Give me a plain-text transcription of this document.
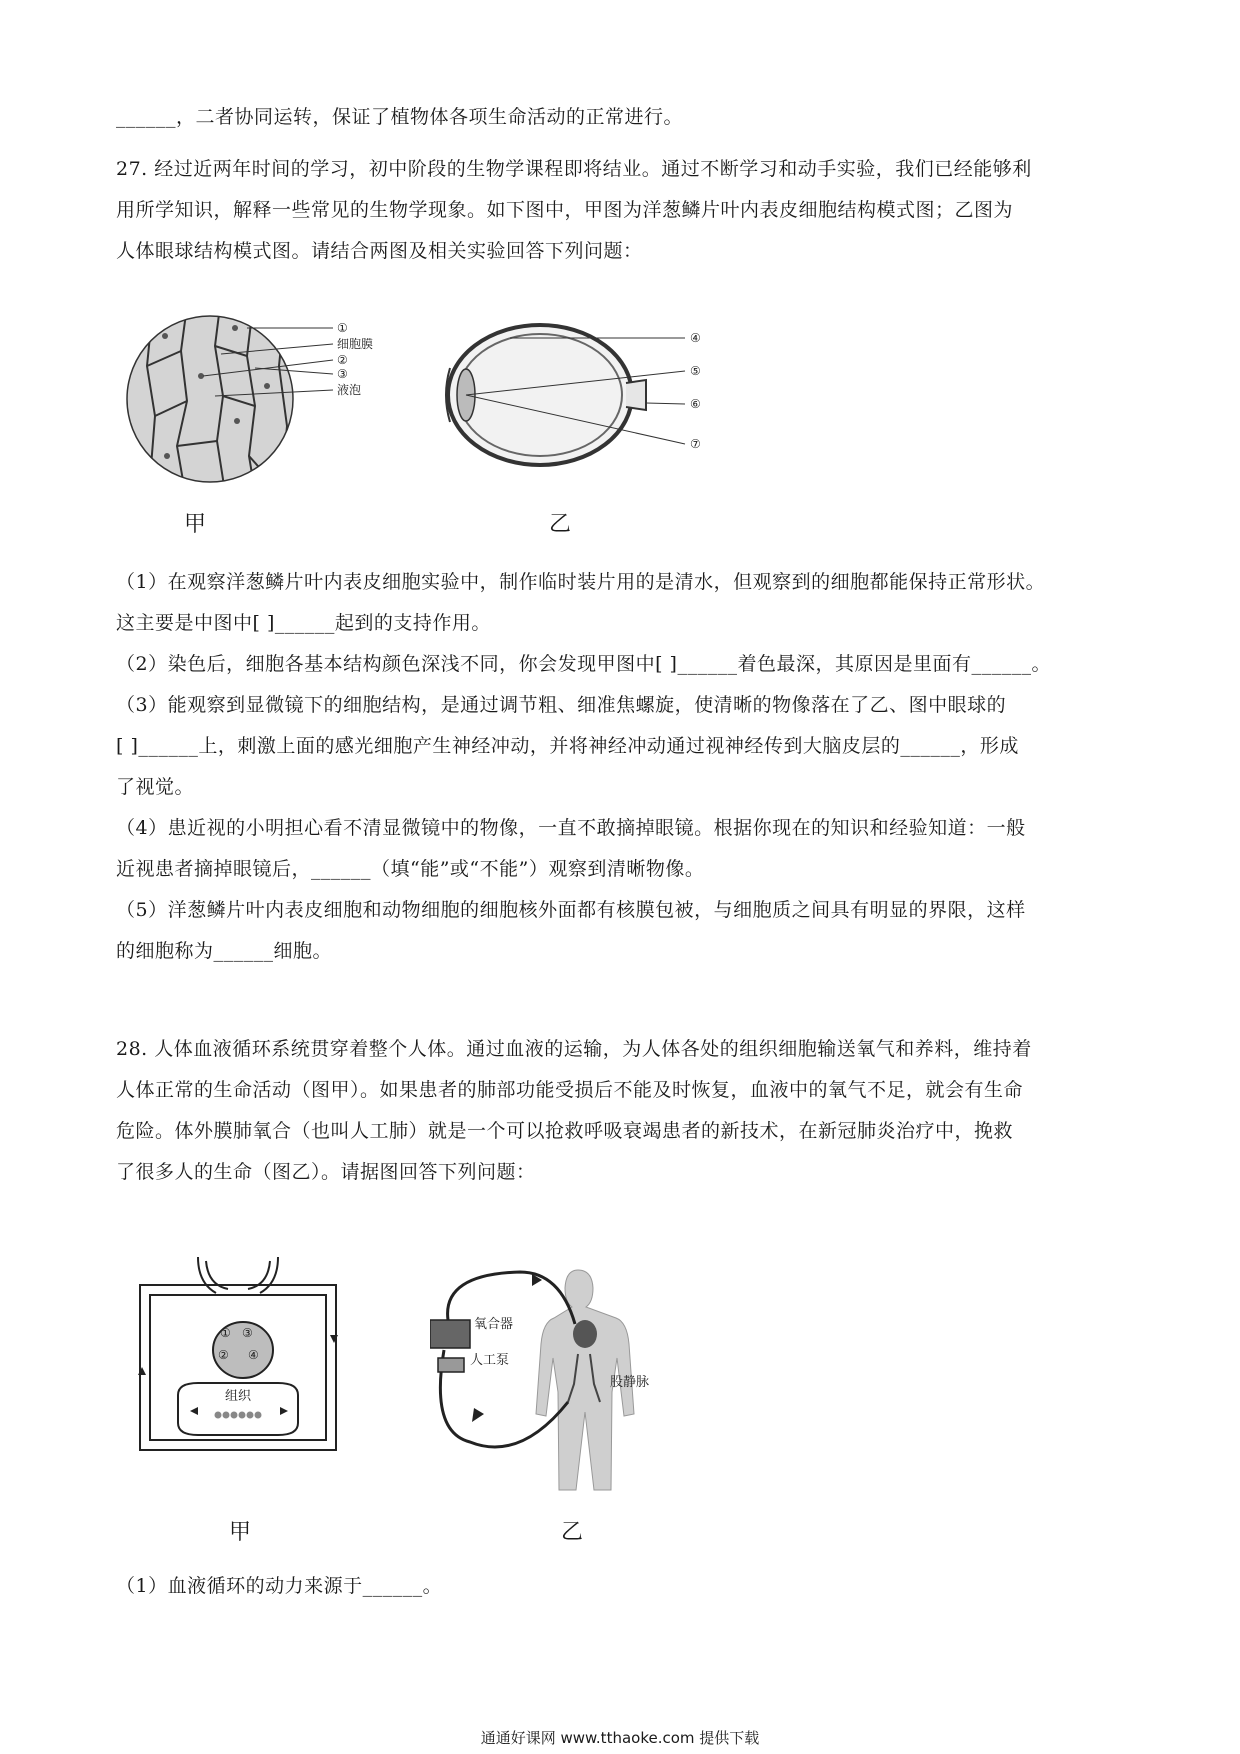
______，二者协同运转，保证了植物体各项生命活动的正常进行。
27. 经过近两年时间的学习，初中阶段的生物学课程即将结业。通过不断学习和动手实验，我们已经能够利
用所学知识，解释一些常见的生物学现象。如下图中，甲图为洋葱鳞片叶内表皮细胞结构模式图；乙图为
人体眼球结构模式图。请结合两图及相关实验回答下列问题：
①
细胞膜
②
③
液泡
甲
④
⑤
⑥
⑦
乙
（1）在观察洋葱鳞片叶内表皮细胞实验中，制作临时装片用的是清水，但观察到的细胞都能保持正常形状。
这主要是中图中[ ]______起到的支持作用。
（2）染色后，细胞各基本结构颜色深浅不同，你会发现甲图中[ ]______着色最深，其原因是里面有______。
（3）能观察到显微镜下的细胞结构，是通过调节粗、细准焦螺旋，使清晰的物像落在了乙、图中眼球的
[ ]______上，刺激上面的感光细胞产生神经冲动，并将神经冲动通过视神经传到大脑皮层的______，形成
了视觉。
（4）患近视的小明担心看不清显微镜中的物像，一直不敢摘掉眼镜。根据你现在的知识和经验知道：一般
近视患者摘掉眼镜后，______（填“能”或“不能”）观察到清晰物像。
（5）洋葱鳞片叶内表皮细胞和动物细胞的细胞核外面都有核膜包被，与细胞质之间具有明显的界限，这样
的细胞称为______细胞。
28. 人体血液循环系统贯穿着整个人体。通过血液的运输，为人体各处的组织细胞输送氧气和养料，维持着
人体正常的生命活动（图甲）。如果患者的肺部功能受损后不能及时恢复，血液中的氧气不足，就会有生命
危险。体外膜肺氧合（也叫人工肺）就是一个可以抢救呼吸衰竭患者的新技术，在新冠肺炎治疗中，挽救
了很多人的生命（图乙）。请据图回答下列问题：
①
②
③
④
组织
甲
氧合器
人工泵
股静脉
乙
（1）血液循环的动力来源于______。
通通好课网 www.tthaoke.com 提供下载
